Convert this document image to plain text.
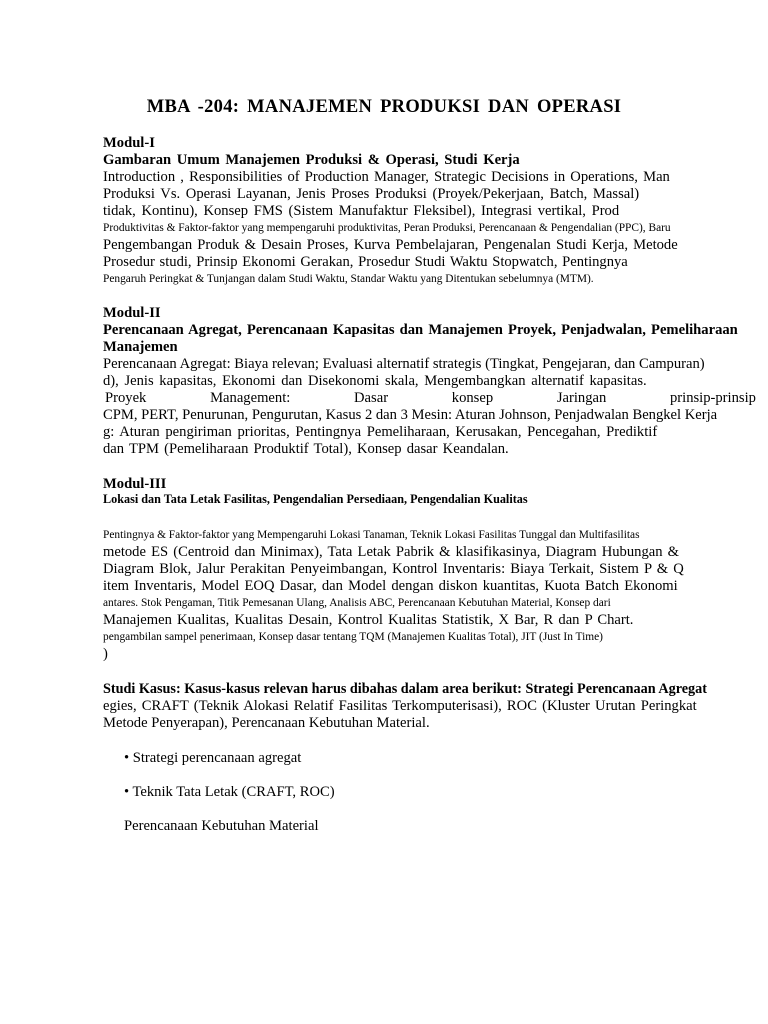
MBA -204: MANAJEMEN PRODUKSI DAN OPERASI
Modul-I
Gambaran Umum Manajemen Produksi & Operasi, Studi Kerja
Introduction , Responsibilities of Production Manager, Strategic Decisions in Operations, Man
Produksi Vs. Operasi Layanan, Jenis Proses Produksi (Proyek/Pekerjaan, Batch, Massal)
tidak, Kontinu), Konsep FMS (Sistem Manufaktur Fleksibel), Integrasi vertikal, Prod
Produktivitas & Faktor-faktor yang mempengaruhi produktivitas, Peran Produksi, Perencanaan & Pengendalian (PPC), Baru
Pengembangan Produk & Desain Proses, Kurva Pembelajaran, Pengenalan Studi Kerja, Metode
Prosedur studi, Prinsip Ekonomi Gerakan, Prosedur Studi Waktu Stopwatch, Pentingnya
Pengaruh Peringkat & Tunjangan dalam Studi Waktu, Standar Waktu yang Ditentukan sebelumnya (MTM).
Modul-II
Perencanaan Agregat, Perencanaan Kapasitas dan Manajemen Proyek, Penjadwalan, Pemeliharaan
Manajemen
Perencanaan Agregat: Biaya relevan; Evaluasi alternatif strategis (Tingkat, Pengejaran, dan Campuran)
d), Jenis kapasitas, Ekonomi dan Disekonomi skala, Mengembangkan alternatif kapasitas.
Proyek	Management:	Dasar	konsep	Jaringan	prinsip-prinsip
CPM, PERT, Penurunan, Pengurutan, Kasus 2 dan 3 Mesin: Aturan Johnson, Penjadwalan Bengkel Kerja
g: Aturan pengiriman prioritas, Pentingnya Pemeliharaan, Kerusakan, Pencegahan, Prediktif
dan TPM (Pemeliharaan Produktif Total), Konsep dasar Keandalan.
Modul-III
Lokasi dan Tata Letak Fasilitas, Pengendalian Persediaan, Pengendalian Kualitas
Pentingnya & Faktor-faktor yang Mempengaruhi Lokasi Tanaman, Teknik Lokasi Fasilitas Tunggal dan Multifasilitas
metode ES (Centroid dan Minimax), Tata Letak Pabrik & klasifikasinya, Diagram Hubungan &
Diagram Blok, Jalur Perakitan Penyeimbangan, Kontrol Inventaris: Biaya Terkait, Sistem P & Q
item Inventaris, Model EOQ Dasar, dan Model dengan diskon kuantitas, Kuota Batch Ekonomi
antares. Stok Pengaman, Titik Pemesanan Ulang, Analisis ABC, Perencanaan Kebutuhan Material, Konsep dari
Manajemen Kualitas, Kualitas Desain, Kontrol Kualitas Statistik, X Bar, R dan P Chart.
pengambilan sampel penerimaan, Konsep dasar tentang TQM (Manajemen Kualitas Total), JIT (Just In Time)
)
Studi Kasus: Kasus-kasus relevan harus dibahas dalam area berikut: Strategi Perencanaan Agregat
egies, CRAFT (Teknik Alokasi Relatif Fasilitas Terkomputerisasi), ROC (Kluster Urutan Peringkat
Metode Penyerapan), Perencanaan Kebutuhan Material.
• Strategi perencanaan agregat
• Teknik Tata Letak (CRAFT, ROC)
Perencanaan Kebutuhan Material
